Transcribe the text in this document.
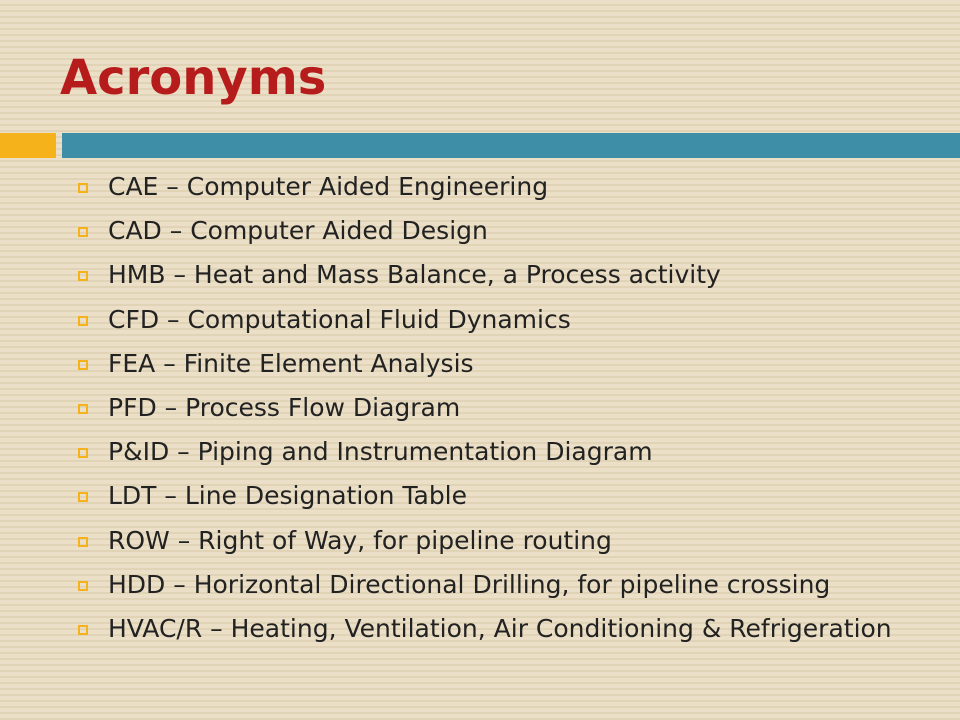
Acronyms
CAE – Computer Aided Engineering
CAD – Computer Aided Design
HMB – Heat and Mass Balance, a Process activity
CFD – Computational Fluid Dynamics
FEA – Finite Element Analysis
PFD – Process Flow Diagram
P&ID – Piping and Instrumentation Diagram
LDT – Line Designation Table
ROW – Right of Way, for pipeline routing
HDD – Horizontal Directional Drilling, for pipeline crossing
HVAC/R – Heating, Ventilation, Air Conditioning & Refrigeration
